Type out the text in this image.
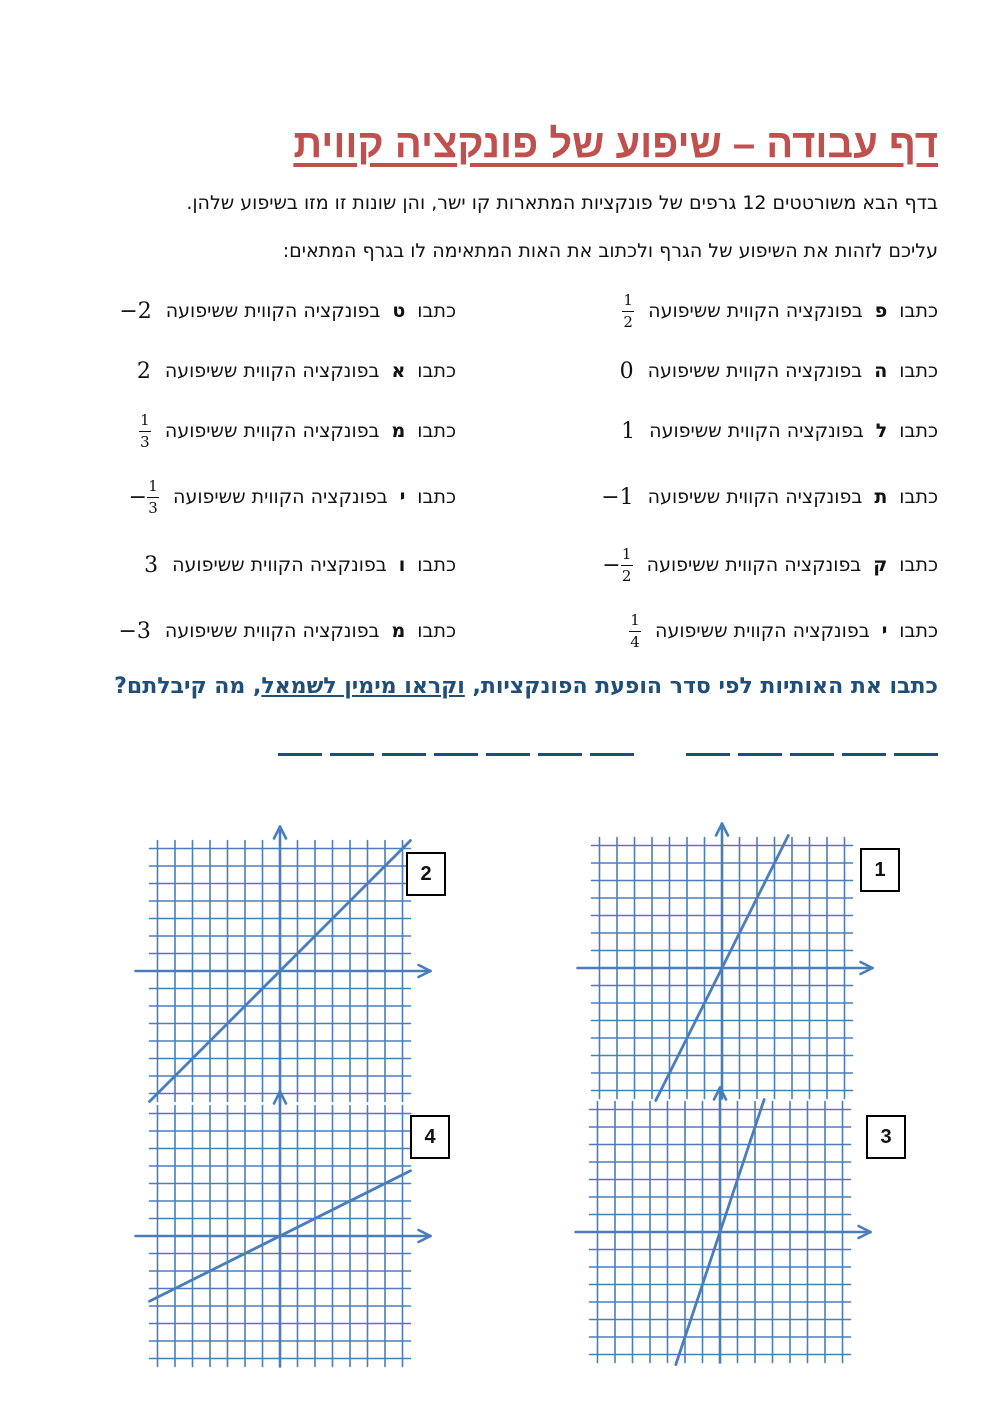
דף עבודה – שיפוע של פונקציה קווית
בדף הבא משורטטים 12 גרפים של פונקציות המתארות קו ישר, והן שונות זו מזו בשיפוע שלהן.
עליכם לזהות את השיפוע של הגרף ולכתוב את האות המתאימה לו בגרף המתאים:
כתבו
פ
בפונקציה הקווית ששיפועה
$\frac{1}{2}$
כתבו
ט
בפונקציה הקווית ששיפועה
− 2
כתבו
ה
בפונקציה הקווית ששיפועה
0
כתבו
א
בפונקציה הקווית ששיפועה
2
כתבו
ל
בפונקציה הקווית ששיפועה
1
כתבו
מ
בפונקציה הקווית ששיפועה
$\frac{1}{3}$
כתבו
ת
בפונקציה הקווית ששיפועה
− 1
כתבו
י
בפונקציה הקווית ששיפועה
− $\frac{1}{3}$
כתבו
ק
בפונקציה הקווית ששיפועה
− $\frac{1}{2}$
כתבו
ו
בפונקציה הקווית ששיפועה
3
כתבו
י
בפונקציה הקווית ששיפועה
$\frac{1}{4}$
כתבו
מ
בפונקציה הקווית ששיפועה
− 3
כתבו את האותיות לפי סדר הופעת הפונקציות, וקראו מימין לשמאל, מה קיבלתם?
1
2
3
4
